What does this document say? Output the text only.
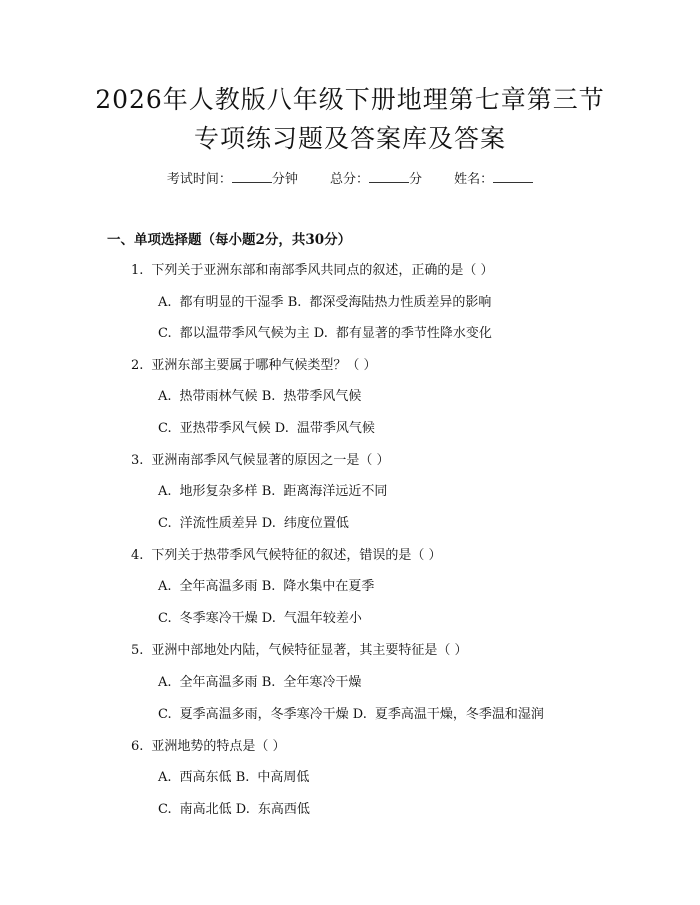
2026年人教版八年级下册地理第七章第三节
专项练习题及答案库及答案
考试时间：	分钟 总分：	分 姓名：
一、单项选择题（每小题2分，共30分）
1. 下列关于亚洲东部和南部季风共同点的叙述，正确的是（ ）
A. 都有明显的干湿季 B. 都深受海陆热力性质差异的影响
C. 都以温带季风气候为主 D. 都有显著的季节性降水变化
2. 亚洲东部主要属于哪种气候类型？（ ）
A. 热带雨林气候 B. 热带季风气候
C. 亚热带季风气候 D. 温带季风气候
3. 亚洲南部季风气候显著的原因之一是（ ）
A. 地形复杂多样 B. 距离海洋远近不同
C. 洋流性质差异 D. 纬度位置低
4. 下列关于热带季风气候特征的叙述，错误的是（ ）
A. 全年高温多雨 B. 降水集中在夏季
C. 冬季寒冷干燥 D. 气温年较差小
5. 亚洲中部地处内陆，气候特征显著，其主要特征是（ ）
A. 全年高温多雨 B. 全年寒冷干燥
C. 夏季高温多雨，冬季寒冷干燥 D. 夏季高温干燥，冬季温和湿润
6. 亚洲地势的特点是（ ）
A. 西高东低 B. 中高周低
C. 南高北低 D. 东高西低
